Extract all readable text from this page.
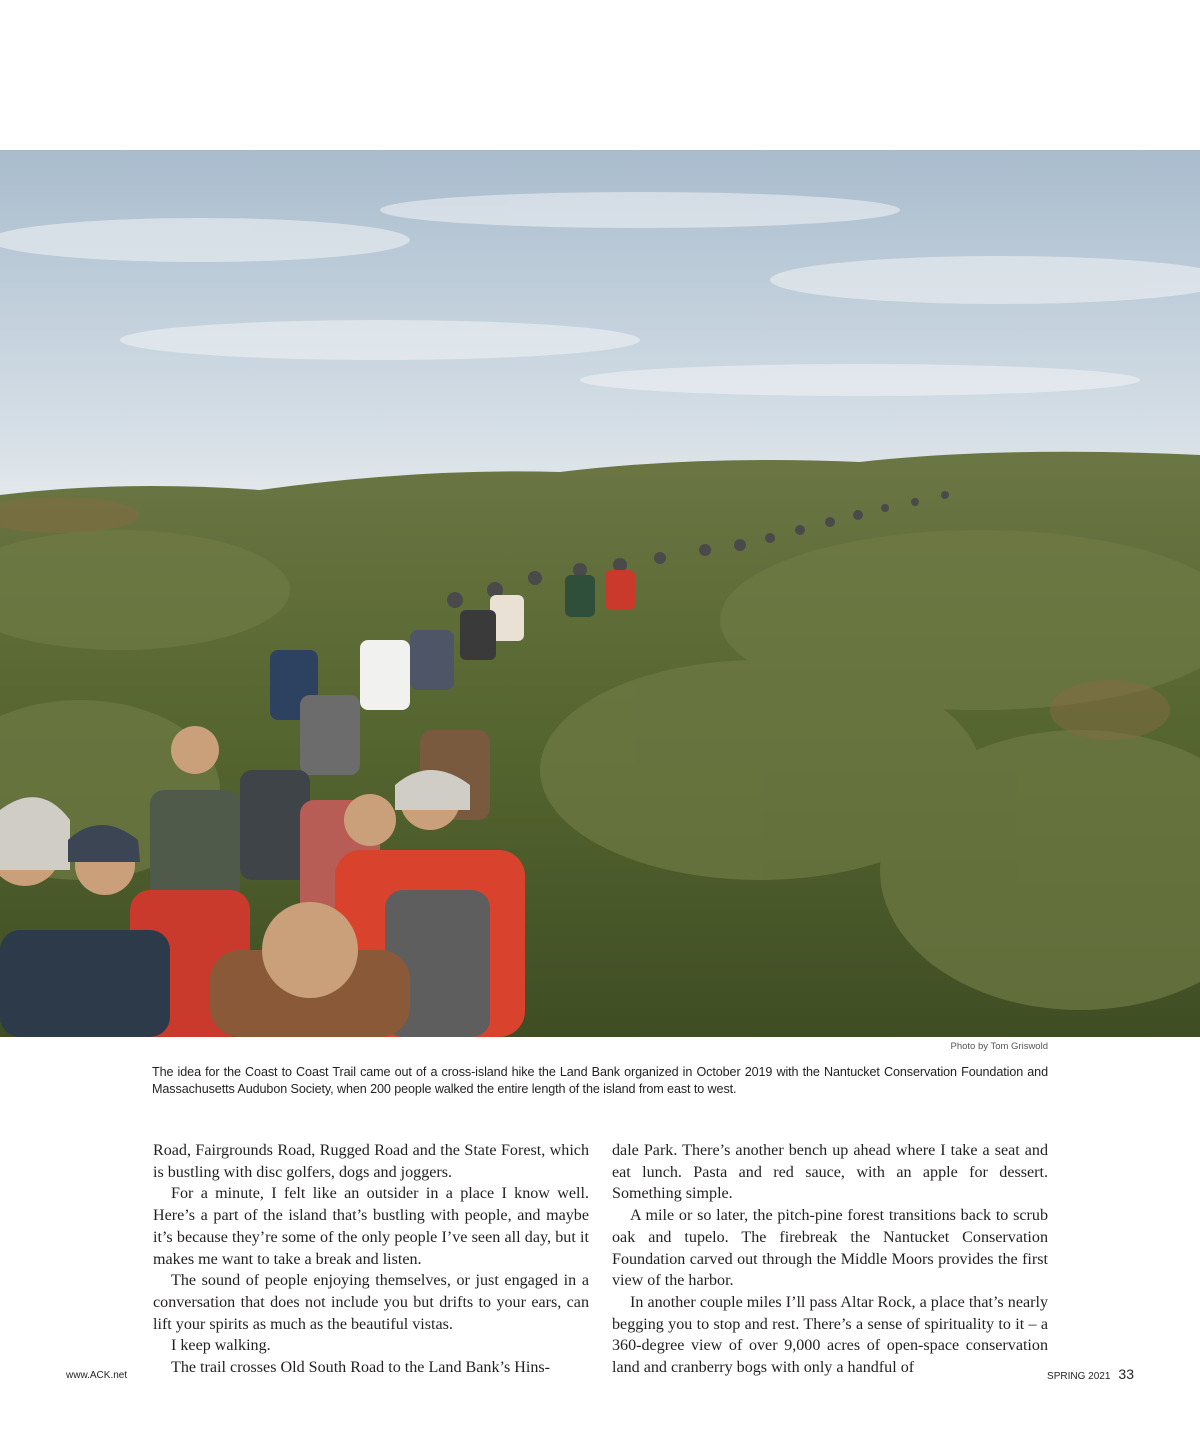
Photo by Tom Griswold
The idea for the Coast to Coast Trail came out of a cross-island hike the Land Bank organized in October 2019 with the Nantucket Conservation Foundation and Massachusetts Audubon Society, when 200 people walked the entire length of the island from east to west.

Road, Fairgrounds Road, Rugged Road and the State Forest, which is bustling with disc golfers, dogs and joggers.

For a minute, I felt like an outsider in a place I know well. Here’s a part of the island that’s bustling with people, and maybe it’s because they’re some of the only people I’ve seen all day, but it makes me want to take a break and listen.

The sound of people enjoying themselves, or just engaged in a conversation that does not include you but drifts to your ears, can lift your spirits as much as the beautiful vistas.

I keep walking.

The trail crosses Old South Road to the Land Bank’s Hins-

dale Park. There’s another bench up ahead where I take a seat and eat lunch. Pasta and red sauce, with an apple for dessert. Something simple.

A mile or so later, the pitch-pine forest transitions back to scrub oak and tupelo. The firebreak the Nantucket Conservation Foundation carved out through the Middle Moors provides the first view of the harbor.

In another couple miles I’ll pass Altar Rock, a place that’s nearly begging you to stop and rest. There’s a sense of spirituality to it – a 360-degree view of over 9,000 acres of open-space conservation land and cranberry bogs with only a handful of

www.ACK.net	SPRING 2021 33
